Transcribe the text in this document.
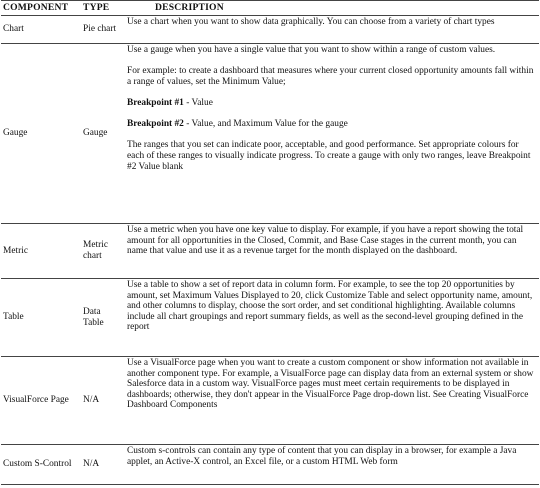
COMPONENT	TYPE	DESCRIPTION
Chart	Pie chart	Use a chart when you want to show data graphically. You can choose from a variety of chart types

Gauge	Gauge	Use a gauge when you have a single value that you want to show within a range of custom values.
For example: to create a dashboard that measures where your current closed opportunity amounts fall within a range of values, set the Minimum Value;
Breakpoint #1 - Value
Breakpoint #2 - Value, and Maximum Value for the gauge
The ranges that you set can indicate poor, acceptable, and good performance. Set appropriate colours for each of these ranges to visually indicate progress. To create a gauge with only two ranges, leave Breakpoint #2 Value blank

Metric	Metric chart	Use a metric when you have one key value to display. For example, if you have a report showing the total amount for all opportunities in the Closed, Commit, and Base Case stages in the current month, you can name that value and use it as a revenue target for the month displayed on the dashboard.

Table	Data Table	Use a table to show a set of report data in column form. For example, to see the top 20 opportunities by amount, set Maximum Values Displayed to 20, click Customize Table and select opportunity name, amount, and other columns to display, choose the sort order, and set conditional highlighting. Available columns include all chart groupings and report summary fields, as well as the second-level grouping defined in the report

VisualForce Page	N/A	Use a VisualForce page when you want to create a custom component or show information not available in another component type. For example, a VisualForce page can display data from an external system or show Salesforce data in a custom way. VisualForce pages must meet certain requirements to be displayed in dashboards; otherwise, they don't appear in the VisualForce Page drop-down list. See Creating VisualForce Dashboard Components

Custom S-Control	N/A	Custom s-controls can contain any type of content that you can display in a browser, for example a Java applet, an Active-X control, an Excel file, or a custom HTML Web form
